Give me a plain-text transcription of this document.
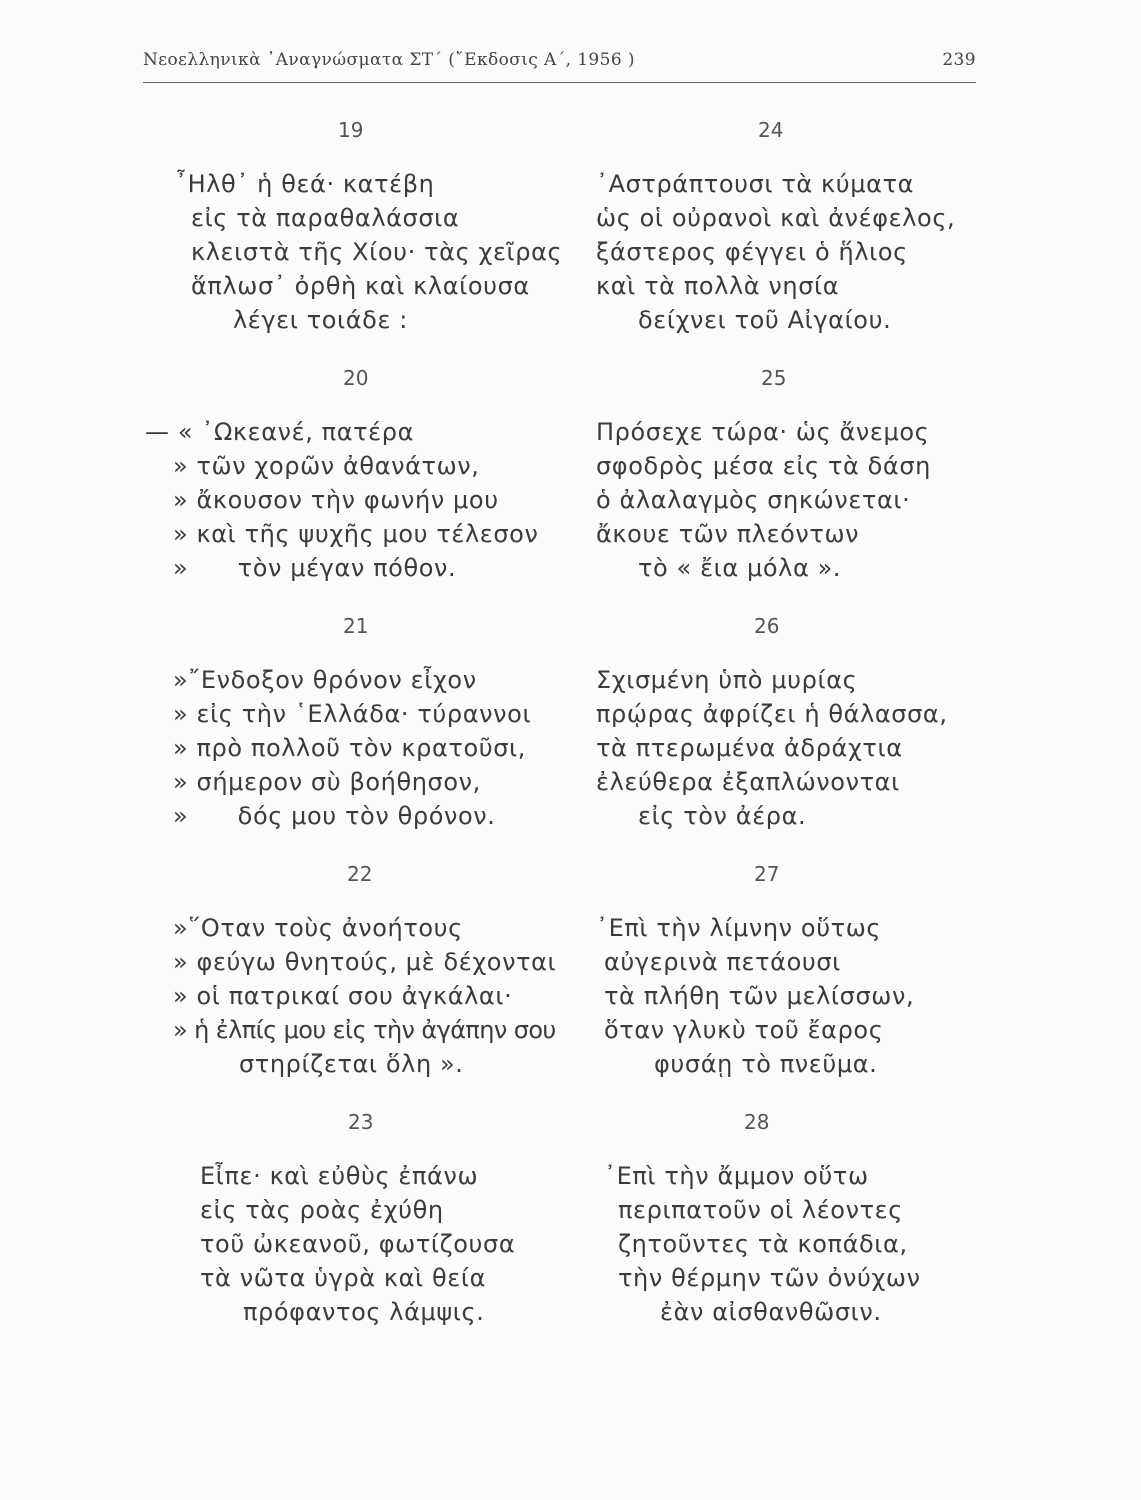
Νεοελληνικὰ ᾿Αναγνώσματα ΣΤ΄ (῎Εκδοσις Α΄, 1956 )	239
19
῏Ηλθ᾿ ἡ θεά· κατέβη
εἰς τὰ παραθαλάσσια
κλειστὰ τῆς Χίου· τὰς χεῖρας
ἅπλωσ᾿ ὀρθὴ καὶ κλαίουσα
λέγει τοιάδε :
24
᾿Αστράπτουσι τὰ κύματα
ὡς οἱ οὐρανοὶ καὶ ἀνέφελος,
ξάστερος φέγγει ὁ ἥλιος
καὶ τὰ πολλὰ νησία
δείχνει τοῦ Αἰγαίου.
20
— « ᾿Ωκεανέ, πατέρα
» τῶν χορῶν ἀθανάτων,
» ἄκουσον τὴν φωνήν μου
» καὶ τῆς ψυχῆς μου τέλεσον
»      τὸν μέγαν πόθον.
25
Πρόσεχε τώρα· ὡς ἄνεμος
σφοδρὸς μέσα εἰς τὰ δάση
ὁ ἀλαλαγμὸς σηκώνεται·
ἄκουε τῶν πλεόντων
τὸ « ἔια μόλα ».
21
»῎Ενδοξον θρόνον εἶχον
» εἰς τὴν ῾Ελλάδα· τύραννοι
» πρὸ πολλοῦ τὸν κρατοῦσι,
» σήμερον σὺ βοήθησον,
»      δός μου τὸν θρόνον.
26
Σχισμένη ὑπὸ μυρίας
πρῴρας ἀφρίζει ἡ θάλασσα,
τὰ πτερωμένα ἀδράχτια
ἐλεύθερα ἐξαπλώνονται
εἰς τὸν ἀέρα.
22
»῞Οταν τοὺς ἀνοήτους
» φεύγω θνητούς, μὲ δέχονται
» οἱ πατρικαί σου ἀγκάλαι·
» ἡ ἐλπίς μου εἰς τὴν ἀγάπην σου
στηρίζεται ὅλη ».
27
᾿Επὶ τὴν λίμνην οὕτως
αὐγερινὰ πετάουσι
τὰ πλήθη τῶν μελίσσων,
ὅταν γλυκὺ τοῦ ἔαρος
φυσάῃ τὸ πνεῦμα.
23
Εἶπε· καὶ εὐθὺς ἐπάνω
εἰς τὰς ροὰς ἐχύθη
τοῦ ὠκεανοῦ, φωτίζουσα
τὰ νῶτα ὑγρὰ καὶ θεία
πρόφαντος λάμψις.
28
᾿Επὶ τὴν ἄμμον οὕτω
περιπατοῦν οἱ λέοντες
ζητοῦντες τὰ κοπάδια,
τὴν θέρμην τῶν ὀνύχων
ἐὰν αἰσθανθῶσιν.
